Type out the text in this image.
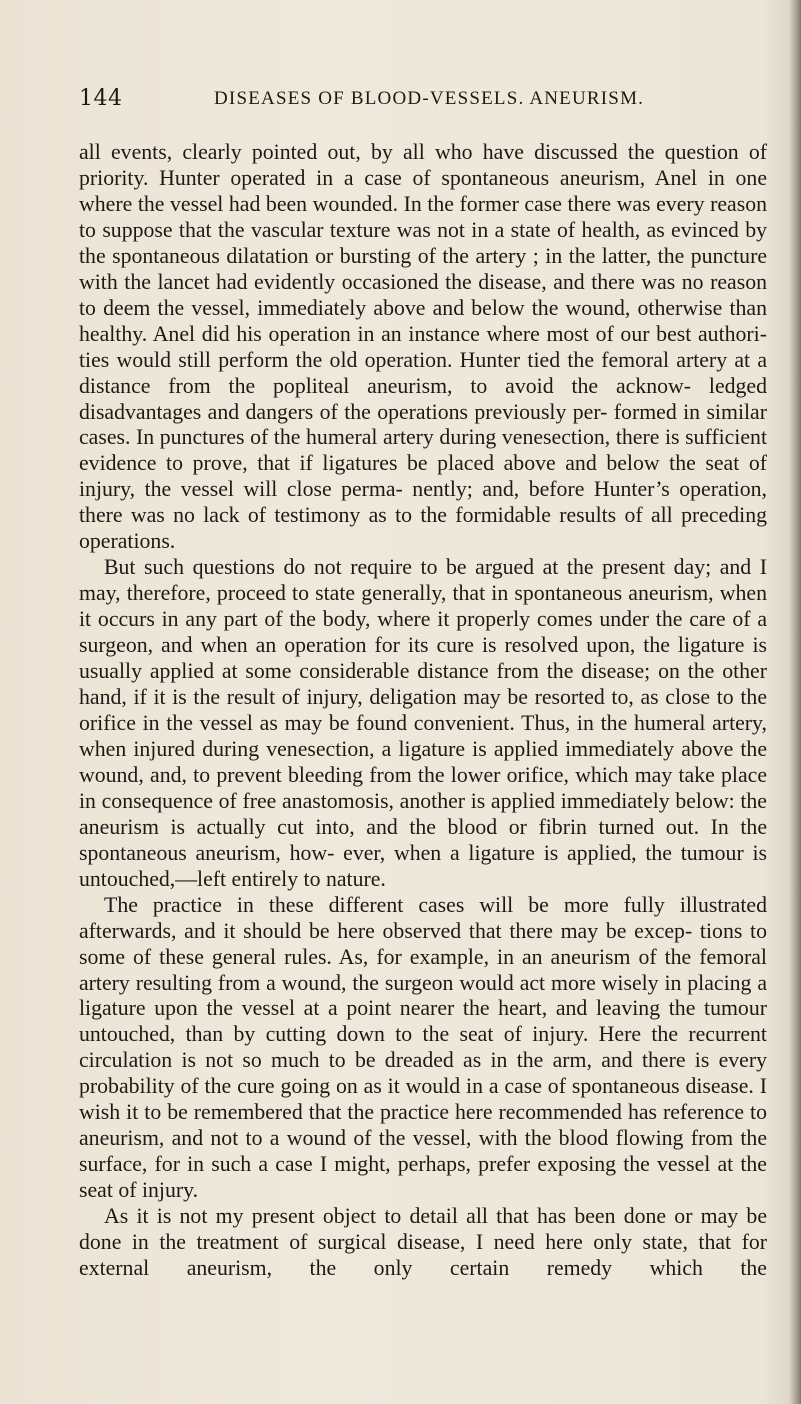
144	DISEASES OF BLOOD-VESSELS. ANEURISM.

all events, clearly pointed out, by all who have discussed the question of priority. Hunter operated in a case of spontaneous aneurism, Anel in one where the vessel had been wounded. In the former case there was every reason to suppose that the vascular texture was not in a state of health, as evinced by the spontaneous dilatation or bursting of the artery ; in the latter, the puncture with the lancet had evidently occasioned the disease, and there was no reason to deem the vessel, immediately above and below the wound, otherwise than healthy. Anel did his operation in an instance where most of our best authori- ties would still perform the old operation. Hunter tied the femoral artery at a distance from the popliteal aneurism, to avoid the acknow- ledged disadvantages and dangers of the operations previously per- formed in similar cases. In punctures of the humeral artery during venesection, there is sufficient evidence to prove, that if ligatures be placed above and below the seat of injury, the vessel will close perma- nently; and, before Hunter’s operation, there was no lack of testimony as to the formidable results of all preceding operations.

But such questions do not require to be argued at the present day; and I may, therefore, proceed to state generally, that in spontaneous aneurism, when it occurs in any part of the body, where it properly comes under the care of a surgeon, and when an operation for its cure is resolved upon, the ligature is usually applied at some considerable distance from the disease; on the other hand, if it is the result of injury, deligation may be resorted to, as close to the orifice in the vessel as may be found convenient. Thus, in the humeral artery, when injured during venesection, a ligature is applied immediately above the wound, and, to prevent bleeding from the lower orifice, which may take place in consequence of free anastomosis, another is applied immediately below: the aneurism is actually cut into, and the blood or fibrin turned out. In the spontaneous aneurism, how- ever, when a ligature is applied, the tumour is untouched,—left entirely to nature.

The practice in these different cases will be more fully illustrated afterwards, and it should be here observed that there may be excep- tions to some of these general rules. As, for example, in an aneurism of the femoral artery resulting from a wound, the surgeon would act more wisely in placing a ligature upon the vessel at a point nearer the heart, and leaving the tumour untouched, than by cutting down to the seat of injury. Here the recurrent circulation is not so much to be dreaded as in the arm, and there is every probability of the cure going on as it would in a case of spontaneous disease. I wish it to be remembered that the practice here recommended has reference to aneurism, and not to a wound of the vessel, with the blood flowing from the surface, for in such a case I might, perhaps, prefer exposing the vessel at the seat of injury.

As it is not my present object to detail all that has been done or may be done in the treatment of surgical disease, I need here only state, that for external aneurism, the only certain remedy which the
